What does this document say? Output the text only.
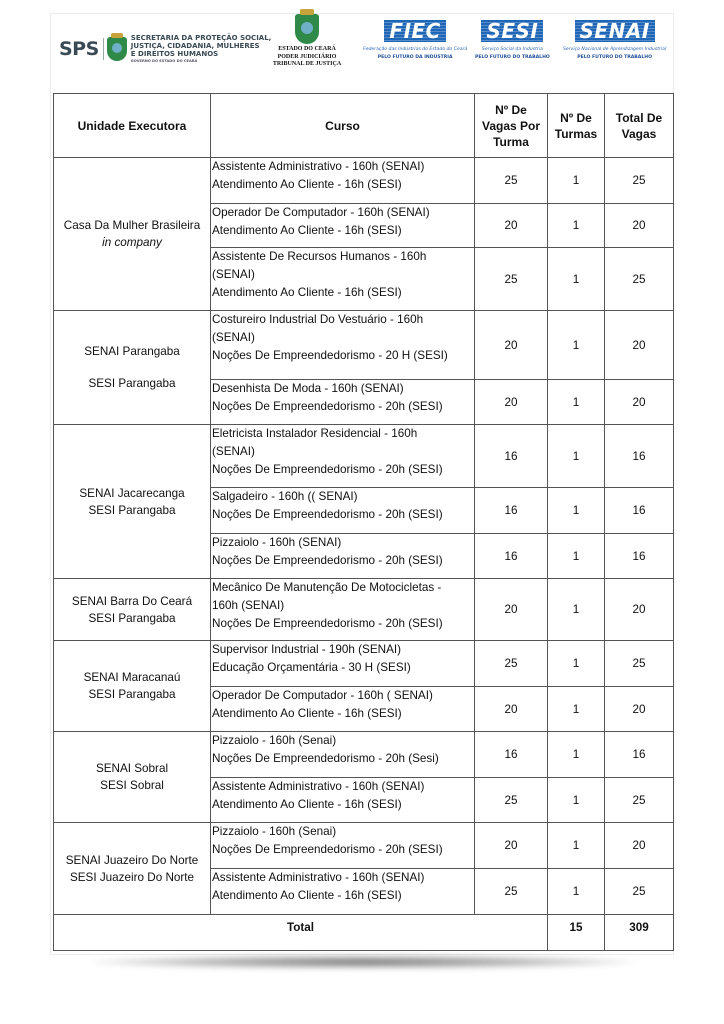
SPS	SECRETARIA DA PROTEÇÃO SOCIAL,
JUSTIÇA, CIDADANIA, MULHERES
E DIREITOS HUMANOS
GOVERNO DO ESTADO DO CEARÁ
ESTADO DO CEARÁ
PODER JUDICIÁRIO
TRIBUNAL DE JUSTIÇA
FIEC
Federação das Indústrias do Estado do Ceará
PELO FUTURO DA INDÚSTRIA
SESI
Serviço Social da Indústria
PELO FUTURO DO TRABALHO
SENAI
Serviço Nacional de Aprendizagem Industrial
PELO FUTURO DO TRABALHO
Unidade Executora	Curso	Nº De
Vagas Por
Turma	Nº De
Turmas	Total De
Vagas

Casa Da Mulher Brasileira
in company	Assistente Administrativo - 160h (SENAI)
Atendimento Ao Cliente - 16h (SESI)	25	1	25

	Operador De Computador - 160h (SENAI)
Atendimento Ao Cliente - 16h (SESI)	20	1	20

	Assistente De Recursos Humanos - 160h
(SENAI)
Atendimento Ao Cliente - 16h (SESI)	25	1	25

SENAI Parangaba
SESI Parangaba	Costureiro Industrial Do Vestuário - 160h
(SENAI)
Noções De Empreendedorismo - 20 H (SESI)	20	1	20

	Desenhista De Moda - 160h (SENAI)
Noções De Empreendedorismo - 20h (SESI)	20	1	20

SENAI Jacarecanga
SESI Parangaba	Eletricista Instalador Residencial - 160h
(SENAI)
Noções De Empreendedorismo - 20h (SESI)	16	1	16

	Salgadeiro - 160h (( SENAI)
Noções De Empreendedorismo - 20h (SESI)	16	1	16

	Pizzaiolo - 160h (SENAI)
Noções De Empreendedorismo - 20h (SESI)	16	1	16

SENAI Barra Do Ceará
SESI Parangaba	Mecânico De Manutenção De Motocicletas -
160h (SENAI)
Noções De Empreendedorismo - 20h (SESI)	20	1	20

SENAI Maracanaú
SESI Parangaba	Supervisor Industrial - 190h (SENAI)
Educação Orçamentária - 30 H (SESI)	25	1	25

	Operador De Computador - 160h ( SENAI)
Atendimento Ao Cliente - 16h (SESI)	20	1	20

SENAI Sobral
SESI Sobral	Pizzaiolo - 160h (Senai)
Noções De Empreendedorismo - 20h (Sesi)	16	1	16

	Assistente Administrativo - 160h (SENAI)
Atendimento Ao Cliente - 16h (SESI)	25	1	25

SENAI Juazeiro Do Norte
SESI Juazeiro Do Norte	Pizzaiolo - 160h (Senai)
Noções De Empreendedorismo - 20h (SESI)	20	1	20

	Assistente Administrativo - 160h (SENAI)
Atendimento Ao Cliente - 16h (SESI)	25	1	25
Total			15	309
